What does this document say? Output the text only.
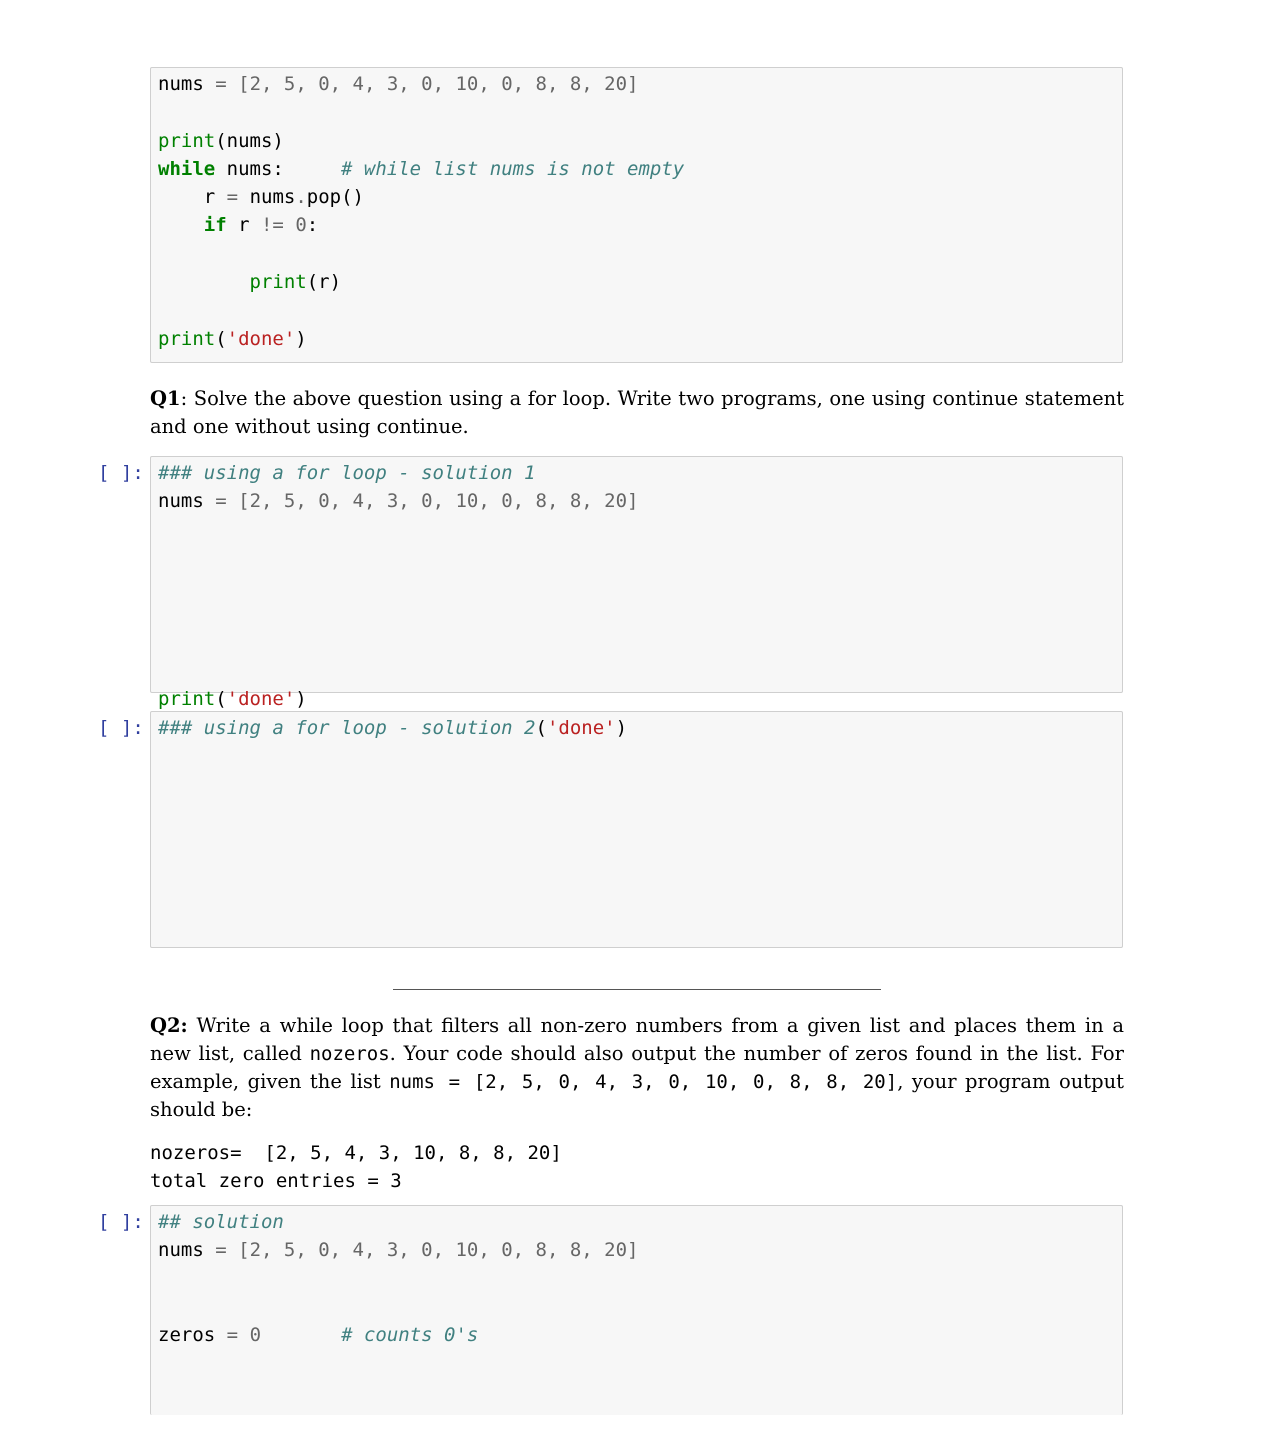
nums = [2, 5, 0, 4, 3, 0, 10, 0, 8, 8, 20]

print(nums)
while nums:	# while list nums is not empty
r = nums.pop()
if r != 0:

print(r)

print('done')

Q1: Solve the above question using a for loop. Write two programs, one using continue statement and one without using continue.

[ ]: ### using a for loop - solution 1
nums = [2, 5, 0, 4, 3, 0, 10, 0, 8, 8, 20]

print('done')
[ ]: ### using a for loop - solution 2('done')

Q2: Write a while loop that filters all non-zero numbers from a given list and places them in a new list, called nozeros. Your code should also output the number of zeros found in the list. For example, given the list nums = [2, 5, 0, 4, 3, 0, 10, 0, 8, 8, 20], your program output should be:

nozeros=  [2, 5, 4, 3, 10, 8, 8, 20]
total zero entries = 3
[ ]: ## solution
nums = [2, 5, 0, 4, 3, 0, 10, 0, 8, 8, 20]

zeros = 0	# counts 0's
